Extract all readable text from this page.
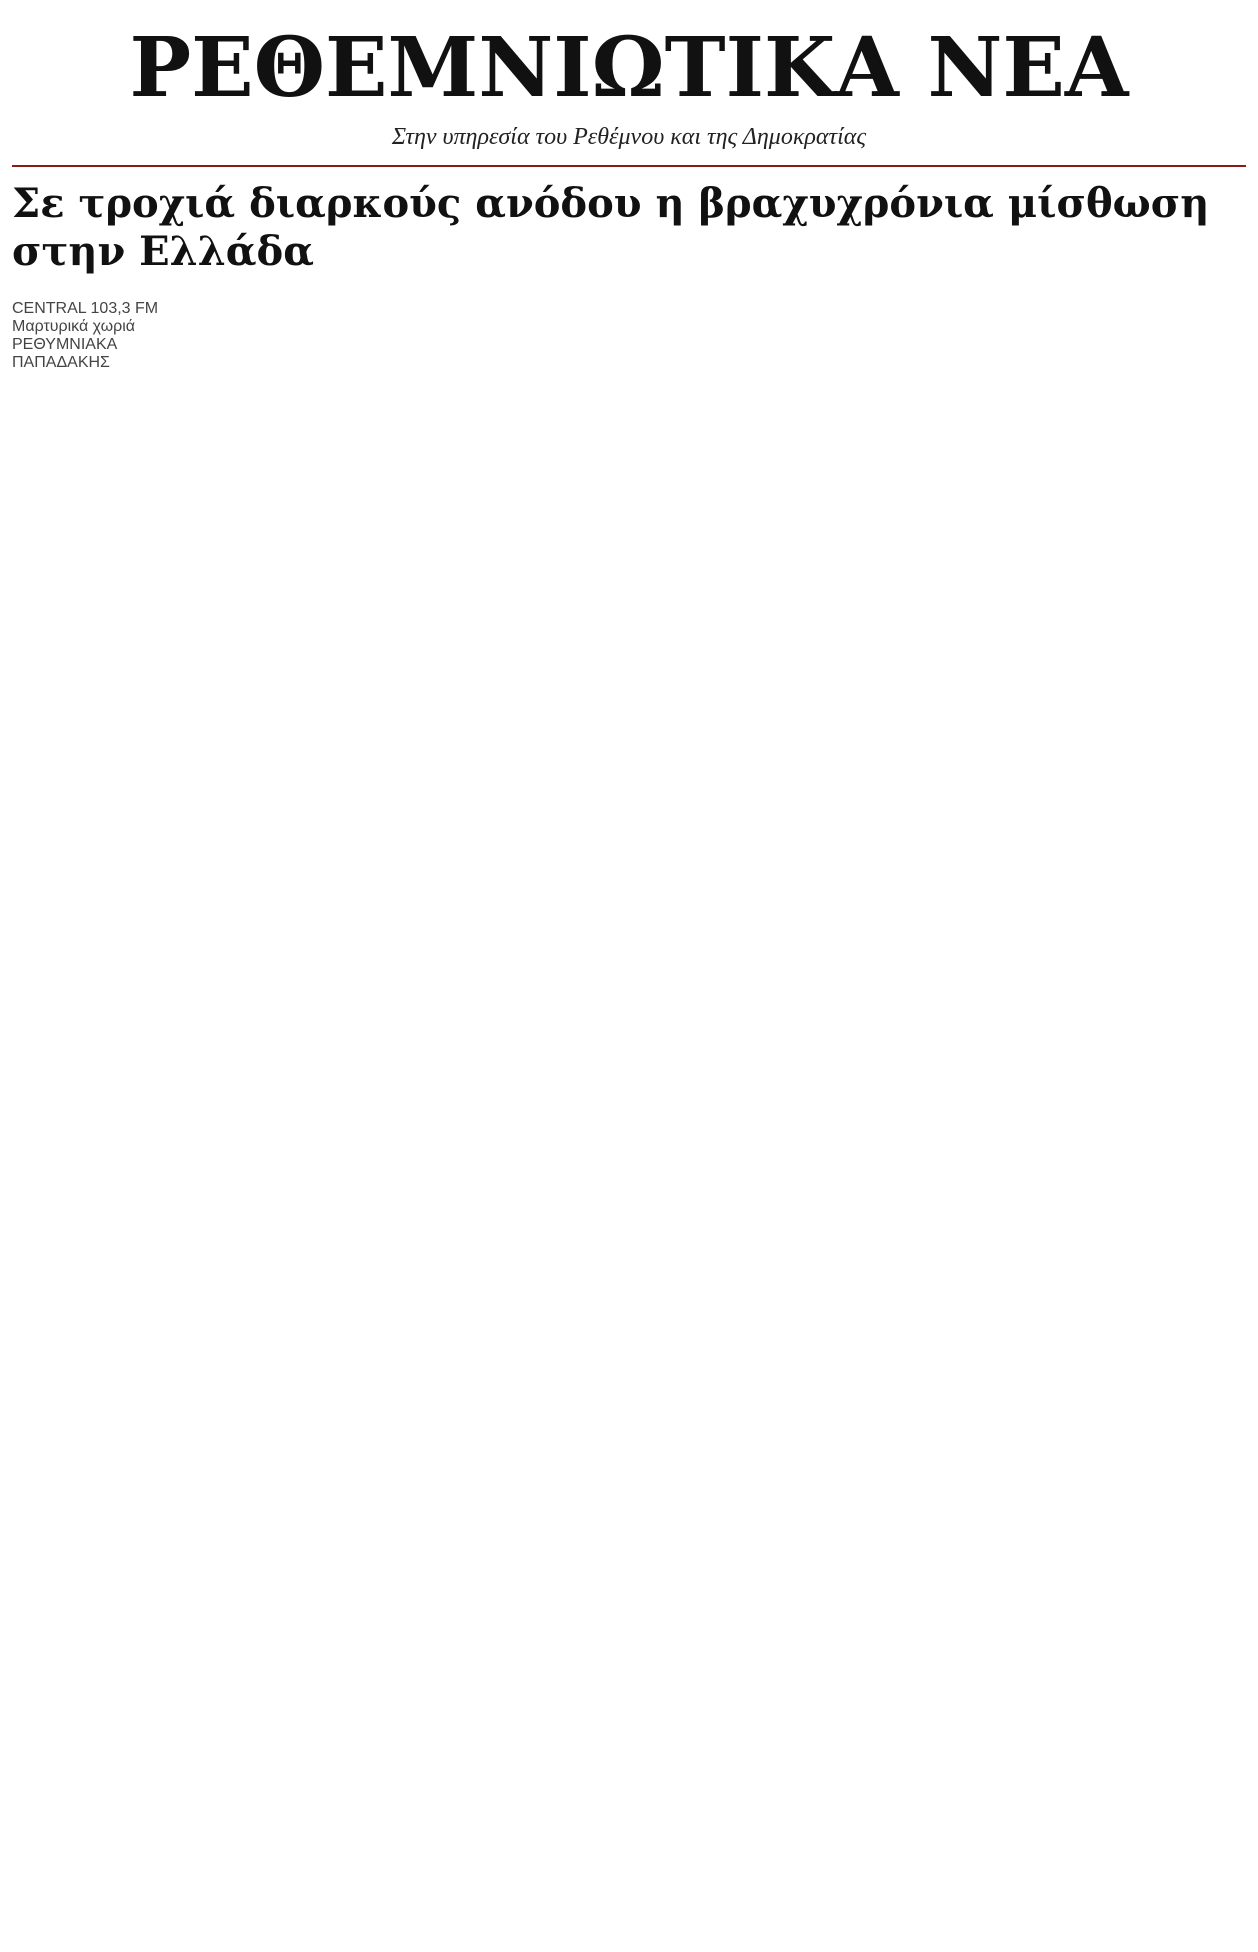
ΡΕΘΕΜΝΙΩΤΙΚΑ ΝΕΑ
Στην υπηρεσία του Ρεθέμνου και της Δημοκρατίας
Σε τροχιά διαρκούς ανόδου η βραχυχρόνια μίσθωση στην Ελλάδα
CENTRAL 103,3 FM
Μαρτυρικά χωριά
ΡΕΘΥΜΝΙΑΚΑ
ΠΑΠΑΔΑΚΗΣ
